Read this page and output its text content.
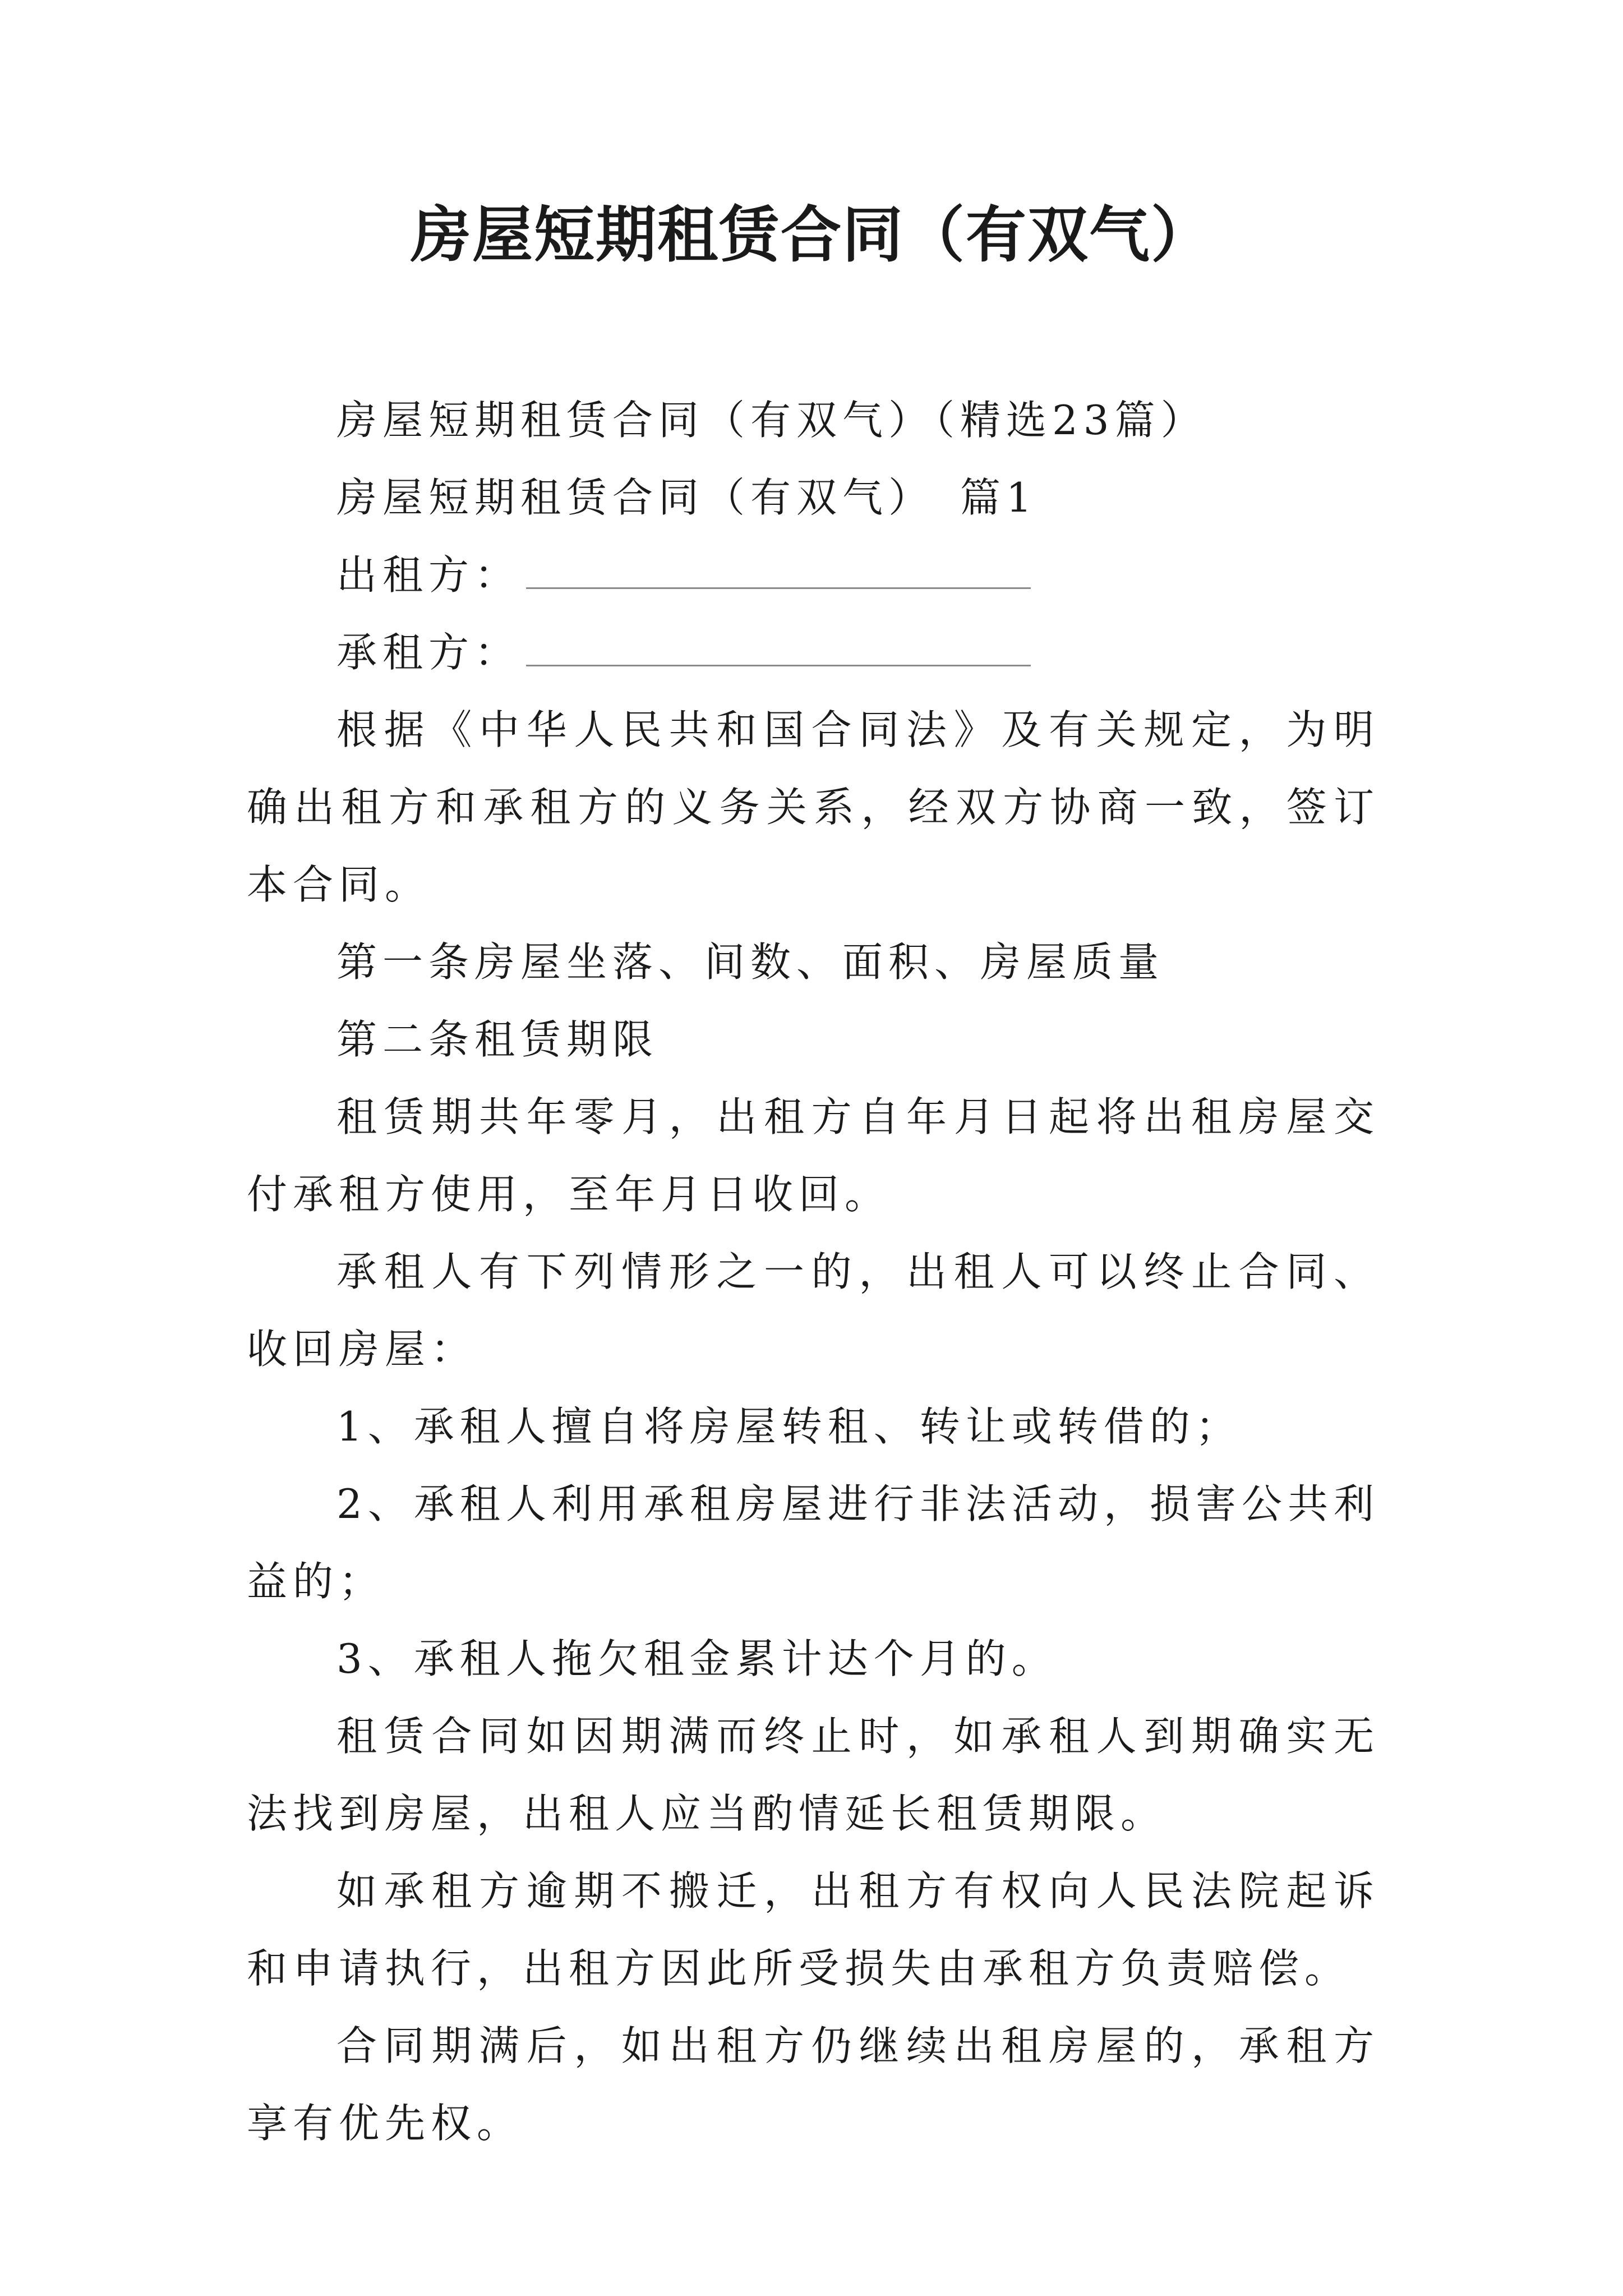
房屋短期租赁合同（有双气）

房屋短期租赁合同（有双气）（精选23篇）

房屋短期租赁合同（有双气）　篇1

出租方：

承租方：

根据《中华人民共和国合同法》及有关规定，为明确出租方和承租方的义务关系，经双方协商一致，签订本合同。

第一条房屋坐落、间数、面积、房屋质量

第二条租赁期限

租赁期共年零月，出租方自年月日起将出租房屋交付承租方使用，至年月日收回。

承租人有下列情形之一的，出租人可以终止合同、收回房屋：

1、承租人擅自将房屋转租、转让或转借的；

2、承租人利用承租房屋进行非法活动，损害公共利益的；

3、承租人拖欠租金累计达个月的。

租赁合同如因期满而终止时，如承租人到期确实无法找到房屋，出租人应当酌情延长租赁期限。

如承租方逾期不搬迁，出租方有权向人民法院起诉和申请执行，出租方因此所受损失由承租方负责赔偿。

合同期满后，如出租方仍继续出租房屋的，承租方享有优先权。
